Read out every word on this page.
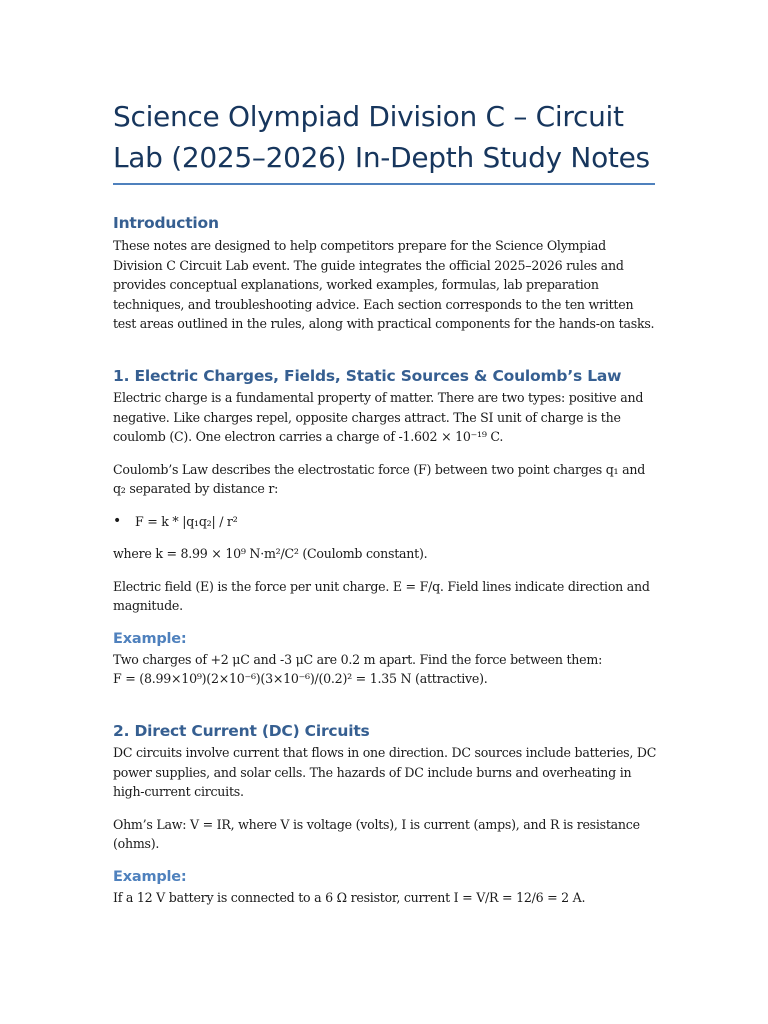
Science Olympiad Division C – Circuit Lab (2025–2026) In-Depth Study Notes
Introduction

These notes are designed to help competitors prepare for the Science Olympiad Division C Circuit Lab event. The guide integrates the official 2025–2026 rules and provides conceptual explanations, worked examples, formulas, lab preparation techniques, and troubleshooting advice. Each section corresponds to the ten written test areas outlined in the rules, along with practical components for the hands-on tasks.

1. Electric Charges, Fields, Static Sources & Coulomb’s Law

Electric charge is a fundamental property of matter. There are two types: positive and negative. Like charges repel, opposite charges attract. The SI unit of charge is the coulomb (C). One electron carries a charge of -1.602 × 10⁻¹⁹ C.

Coulomb’s Law describes the electrostatic force (F) between two point charges q₁ and q₂ separated by distance r:

• F = k * |q₁q₂| / r²

where k = 8.99 × 10⁹ N·m²/C² (Coulomb constant).

Electric field (E) is the force per unit charge. E = F/q. Field lines indicate direction and magnitude.

Example:

Two charges of +2 μC and -3 μC are 0.2 m apart. Find the force between them:

F = (8.99×10⁹)(2×10⁻⁶)(3×10⁻⁶)/(0.2)² = 1.35 N (attractive).

2. Direct Current (DC) Circuits

DC circuits involve current that flows in one direction. DC sources include batteries, DC power supplies, and solar cells. The hazards of DC include burns and overheating in high-current circuits.

Ohm’s Law: V = IR, where V is voltage (volts), I is current (amps), and R is resistance (ohms).

Example:

If a 12 V battery is connected to a 6 Ω resistor, current I = V/R = 12/6 = 2 A.
